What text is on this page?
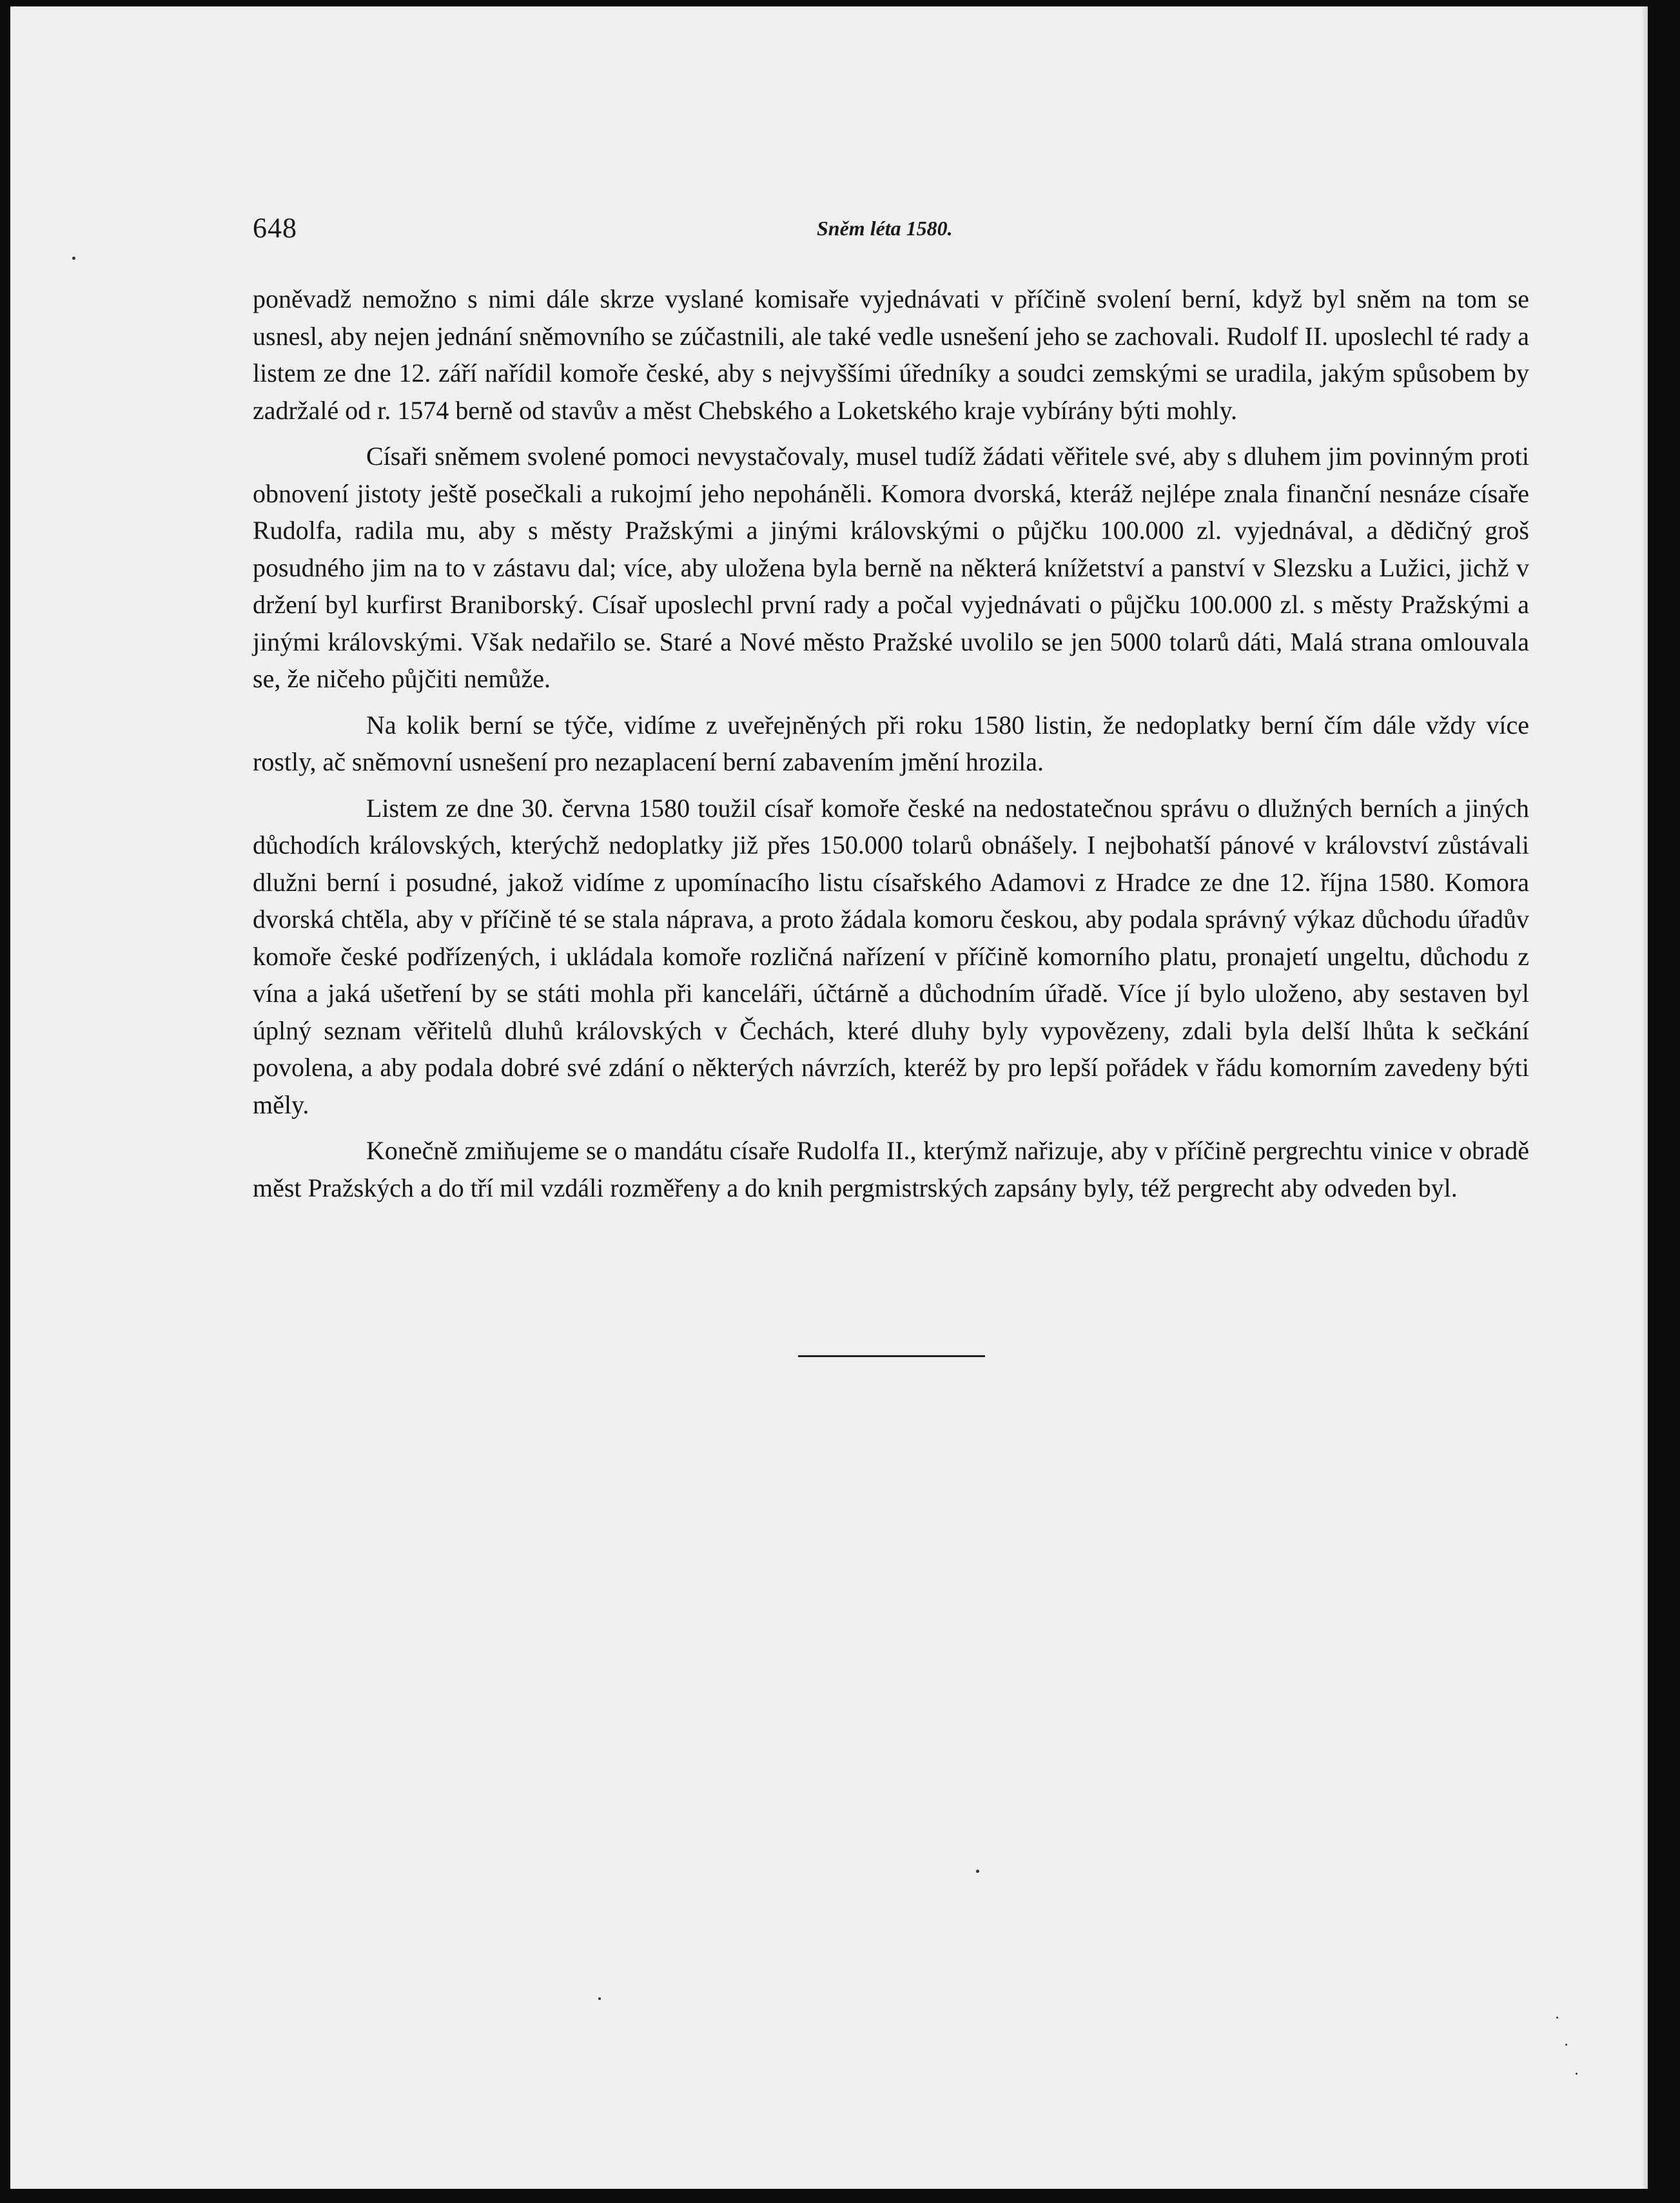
648	Sněm léta 1580.

poněvadž nemožno s nimi dále skrze vyslané komisaře vyjednávati v příčině svolení berní, když byl sněm na tom se usnesl, aby nejen jednání sněmovního se zúčastnili, ale také vedle usnešení jeho se zachovali. Rudolf II. uposlechl té rady a listem ze dne 12. září nařídil komoře české, aby s nejvyššími úředníky a soudci zemskými se uradila, jakým spůsobem by zadržalé od r. 1574 berně od stavův a měst Chebského a Loketského kraje vybírány býti mohly.

Císaři sněmem svolené pomoci nevystačovaly, musel tudíž žádati věřitele své, aby s dluhem jim povinným proti obnovení jistoty ještě posečkali a rukojmí jeho nepoháněli. Komora dvorská, kteráž nejlépe znala finanční nesnáze císaře Rudolfa, radila mu, aby s městy Pražskými a jinými královskými o půjčku 100.000 zl. vyjednával, a dědičný groš posudného jim na to v zástavu dal; více, aby uložena byla berně na některá knížetství a panství v Slezsku a Lužici, jichž v držení byl kurfirst Braniborský. Císař uposlechl první rady a počal vyjednávati o půjčku 100.000 zl. s městy Pražskými a jinými královskými. Však nedařilo se. Staré a Nové město Pražské uvolilo se jen 5000 tolarů dáti, Malá strana omlouvala se, že ničeho půjčiti nemůže.

Na kolik berní se týče, vidíme z uveřejněných při roku 1580 listin, že nedoplatky berní čím dále vždy více rostly, ač sněmovní usnešení pro nezaplacení berní zabavením jmění hrozila.

Listem ze dne 30. června 1580 toužil císař komoře české na nedostatečnou správu o dlužných berních a jiných důchodích královských, kterýchž nedoplatky již přes 150.000 tolarů obnášely. I nejbohatší pánové v království zůstávali dlužni berní i posudné, jakož vidíme z upomínacího listu císařského Adamovi z Hradce ze dne 12. října 1580. Komora dvorská chtěla, aby v příčině té se stala náprava, a proto žádala komoru českou, aby podala správný výkaz důchodu úřadův komoře české podřízených, i ukládala komoře rozličná nařízení v příčině komorního platu, pronajetí ungeltu, důchodu z vína a jaká ušetření by se státi mohla při kanceláři, účtárně a důchodním úřadě. Více jí bylo uloženo, aby sestaven byl úplný seznam věřitelů dluhů královských v Čechách, které dluhy byly vypovězeny, zdali byla delší lhůta k sečkání povolena, a aby podala dobré své zdání o některých návrzích, kteréž by pro lepší pořádek v řádu komorním zavedeny býti měly.

Konečně zmiňujeme se o mandátu císaře Rudolfa II., kterýmž nařizuje, aby v příčině pergrechtu vinice v obradě měst Pražských a do tří mil vzdáli rozměřeny a do knih pergmistrských zapsány byly, též pergrecht aby odveden byl.
